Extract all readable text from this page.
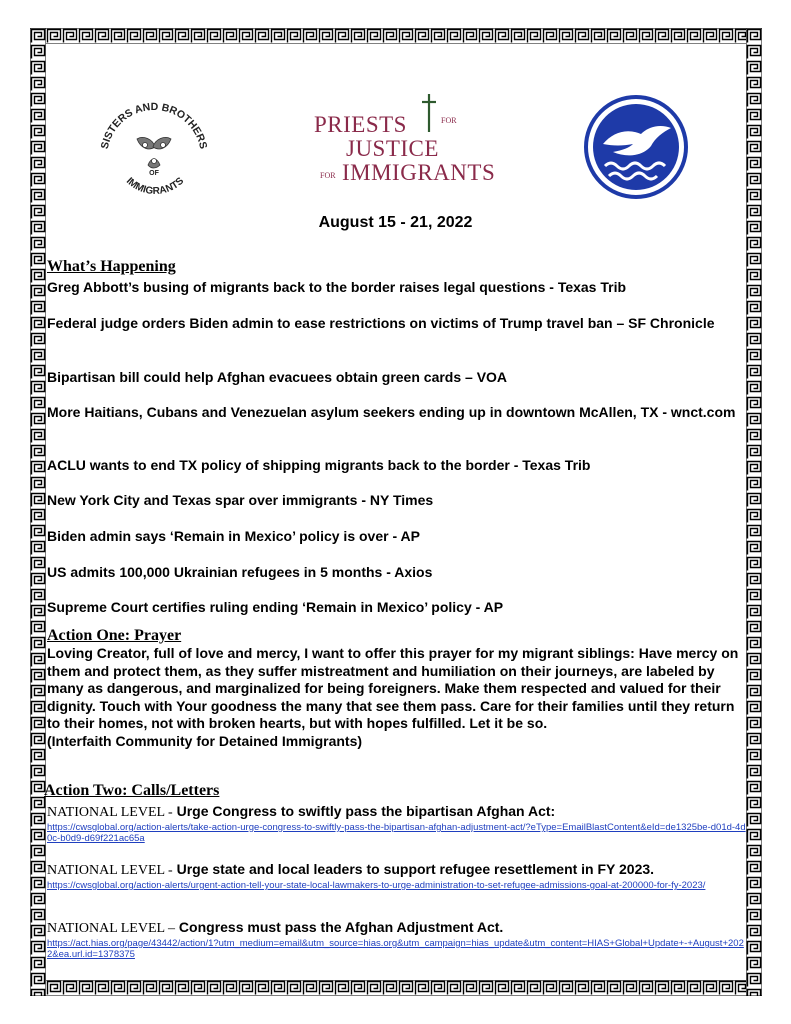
SISTERS AND BROTHERS
IMMIGRANTS
OF
PRIESTS	FOR
JUSTICE
FOR IMMIGRANTS
August 15 - 21, 2022
What’s Happening
Greg Abbott’s busing of migrants back to the border raises legal questions - Texas Trib
Federal judge orders Biden admin to ease restrictions on victims of Trump travel ban – SF Chronicle
Bipartisan bill could help Afghan evacuees obtain green cards – VOA
More Haitians, Cubans and Venezuelan asylum seekers ending up in downtown McAllen, TX - wnct.com
ACLU wants to end TX policy of shipping migrants back to the border - Texas Trib
New York City and Texas spar over immigrants - NY Times
Biden admin says ‘Remain in Mexico’ policy is over - AP
US admits 100,000 Ukrainian refugees in 5 months - Axios
Supreme Court certifies ruling ending ‘Remain in Mexico’ policy - AP
Action One: Prayer
Loving Creator, full of love and mercy, I want to offer this prayer for my migrant siblings: Have mercy on them and protect them, as they suffer mistreatment and humiliation on their journeys, are labeled by many as dangerous, and marginalized for being foreigners. Make them respected and valued for their dignity. Touch with Your goodness the many that see them pass. Care for their families until they return to their homes, not with broken hearts, but with hopes fulfilled. Let it be so.
(Interfaith Community for Detained Immigrants)
Action Two: Calls/Letters
NATIONAL LEVEL - Urge Congress to swiftly pass the bipartisan Afghan Act:
https://cwsglobal.org/action-alerts/take-action-urge-congress-to-swiftly-pass-the-bipartisan-afghan-adjustment-act/?eType=EmailBlastContent&eId=de1325be-d01d-4d0c-b0d9-d69f221ac65a
NATIONAL LEVEL - Urge state and local leaders to support refugee resettlement in FY 2023.
https://cwsglobal.org/action-alerts/urgent-action-tell-your-state-local-lawmakers-to-urge-administration-to-set-refugee-admissions-goal-at-200000-for-fy-2023/
NATIONAL LEVEL – Congress must pass the Afghan Adjustment Act.
https://act.hias.org/page/43442/action/1?utm_medium=email&utm_source=hias.org&utm_campaign=hias_update&utm_content=HIAS+Global+Update+-+August+2022&ea.url.id=1378375
